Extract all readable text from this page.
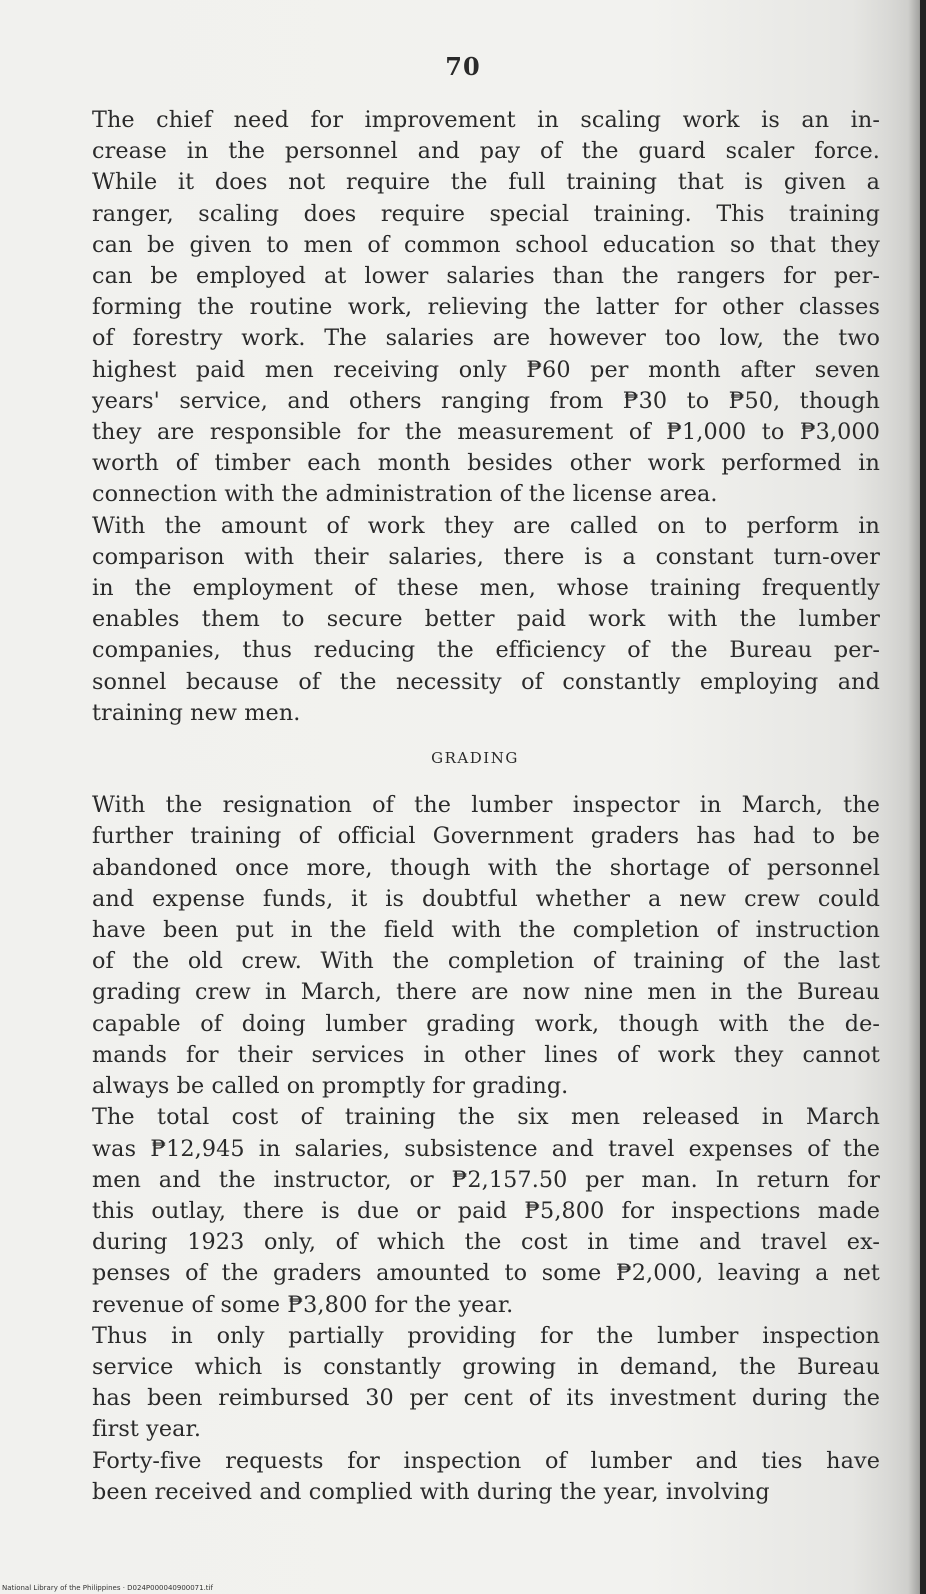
70

The chief need for improvement in scaling work is an in-
crease in the personnel and pay of the guard scaler force.
While it does not require the full training that is given a
ranger, scaling does require special training. This training
can be given to men of common school education so that they
can be employed at lower salaries than the rangers for per-
forming the routine work, relieving the latter for other classes
of forestry work. The salaries are however too low, the two
highest paid men receiving only ₱60 per month after seven
years' service, and others ranging from ₱30 to ₱50, though
they are responsible for the measurement of ₱1,000 to ₱3,000
worth of timber each month besides other work performed in
connection with the administration of the license area.

With the amount of work they are called on to perform in
comparison with their salaries, there is a constant turn-over
in the employment of these men, whose training frequently
enables them to secure better paid work with the lumber
companies, thus reducing the efficiency of the Bureau per-
sonnel because of the necessity of constantly employing and
training new men.

GRADING

With the resignation of the lumber inspector in March, the
further training of official Government graders has had to be
abandoned once more, though with the shortage of personnel
and expense funds, it is doubtful whether a new crew could
have been put in the field with the completion of instruction
of the old crew. With the completion of training of the last
grading crew in March, there are now nine men in the Bureau
capable of doing lumber grading work, though with the de-
mands for their services in other lines of work they cannot
always be called on promptly for grading.

The total cost of training the six men released in March
was ₱12,945 in salaries, subsistence and travel expenses of the
men and the instructor, or ₱2,157.50 per man. In return for
this outlay, there is due or paid ₱5,800 for inspections made
during 1923 only, of which the cost in time and travel ex-
penses of the graders amounted to some ₱2,000, leaving a net
revenue of some ₱3,800 for the year.

Thus in only partially providing for the lumber inspection
service which is constantly growing in demand, the Bureau
has been reimbursed 30 per cent of its investment during the
first year.

Forty-five requests for inspection of lumber and ties have
been received and complied with during the year, involving

National Library of the Philippines · D024P000040900071.tif
